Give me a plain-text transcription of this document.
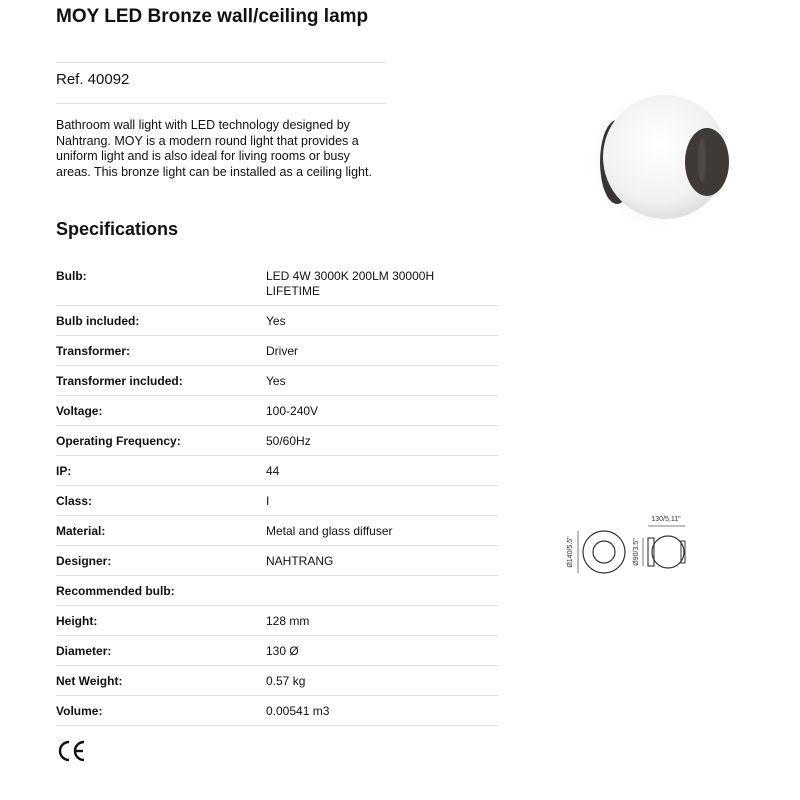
MOY LED Bronze wall/ceiling lamp
Ref. 40092
Bathroom wall light with LED technology designed by Nahtrang. MOY is a modern round light that provides a uniform light and is also ideal for living rooms or busy areas. This bronze light can be installed as a ceiling light.
Specifications
Bulb:	LED 4W 3000K 200LM 30000H LIFETIME
Bulb included:	Yes
Transformer:	Driver
Transformer included:	Yes
Voltage:	100-240V
Operating Frequency:	50/60Hz
IP:	44
Class:	I
Material:	Metal and glass diffuser
Designer:	NAHTRANG
Recommended bulb:
Height:	128 mm
Diameter:	130 Ø
Net Weight:	0.57 kg
Volume:	0.00541 m3
Ø140/5.5"
130/5.11"
Ø90/3.5"
